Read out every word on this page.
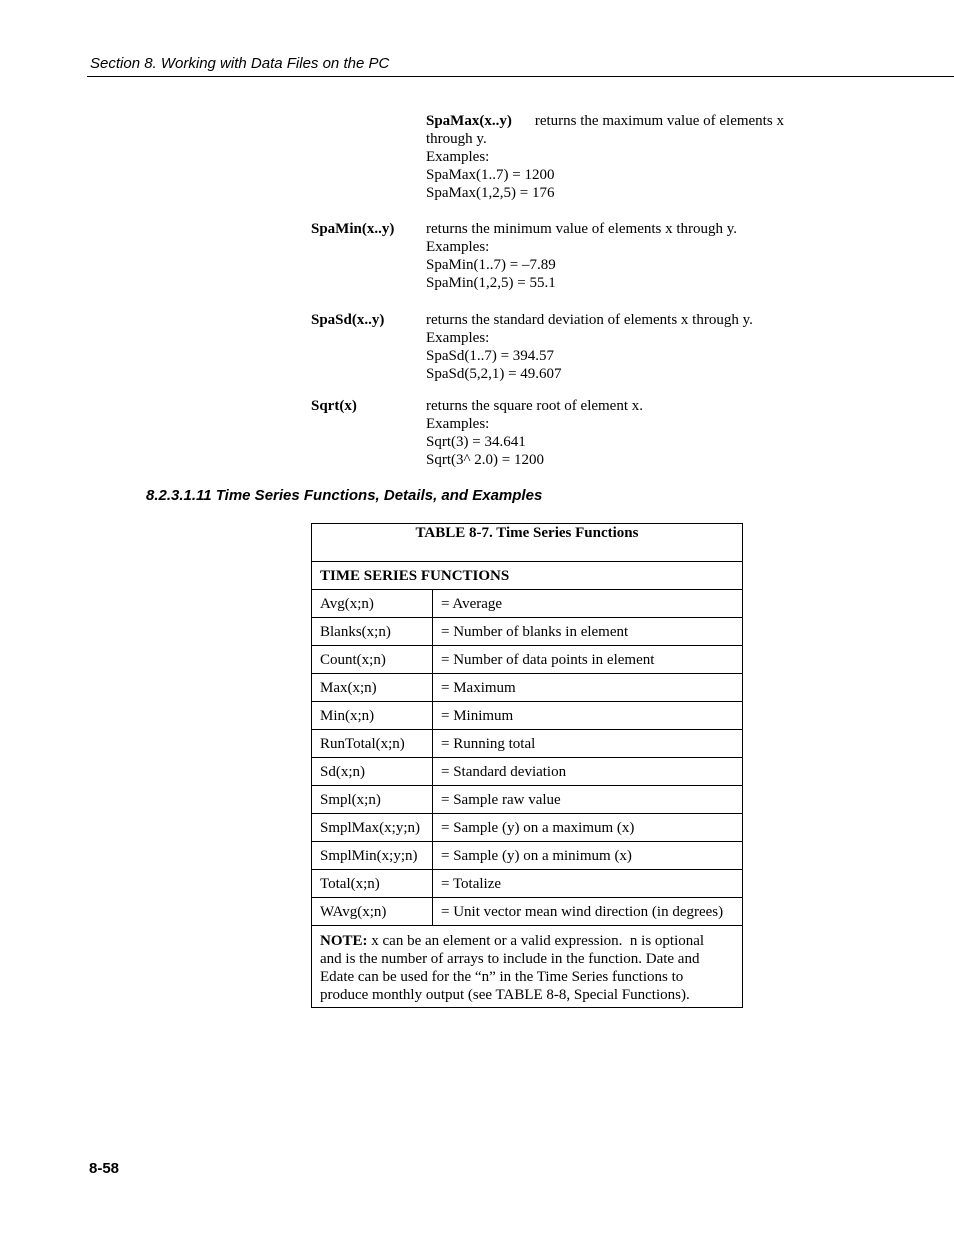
Section 8. Working with Data Files on the PC
SpaMax(x..y) returns the maximum value of elements x
through y.
Examples:
SpaMax(1..7) = 1200
SpaMax(1,2,5) = 176
SpaMin(x..y) returns the minimum value of elements x through y.
Examples:
SpaMin(1..7) = –7.89
SpaMin(1,2,5) = 55.1
SpaSd(x..y)	returns the standard deviation of elements x through y.
Examples:
SpaSd(1..7) = 394.57
SpaSd(5,2,1) = 49.607
Sqrt(x)	returns the square root of element x.
Examples:
Sqrt(3) = 34.641
Sqrt(3^ 2.0) = 1200
8.2.3.1.11 Time Series Functions, Details, and Examples
TABLE 8-7. Time Series Functions	
TIME SERIES FUNCTIONS	
Avg(x;n)	= Average
Blanks(x;n)	= Number of blanks in element
Count(x;n)	= Number of data points in element
Max(x;n)	= Maximum
Min(x;n)	= Minimum
RunTotal(x;n)	= Running total
Sd(x;n)	= Standard deviation
Smpl(x;n)	= Sample raw value
SmplMax(x;y;n)	= Sample (y) on a maximum (x)
SmplMin(x;y;n)	= Sample (y) on a minimum (x)
Total(x;n)	= Totalize
WAvg(x;n)	= Unit vector mean wind direction (in degrees)

NOTE: x can be an element or a valid expression.  n is optional
and is the number of arrays to include in the function. Date and
Edate can be used for the “n” in the Time Series functions to
produce monthly output (see TABLE 8-8, Special Functions).	
8-58
